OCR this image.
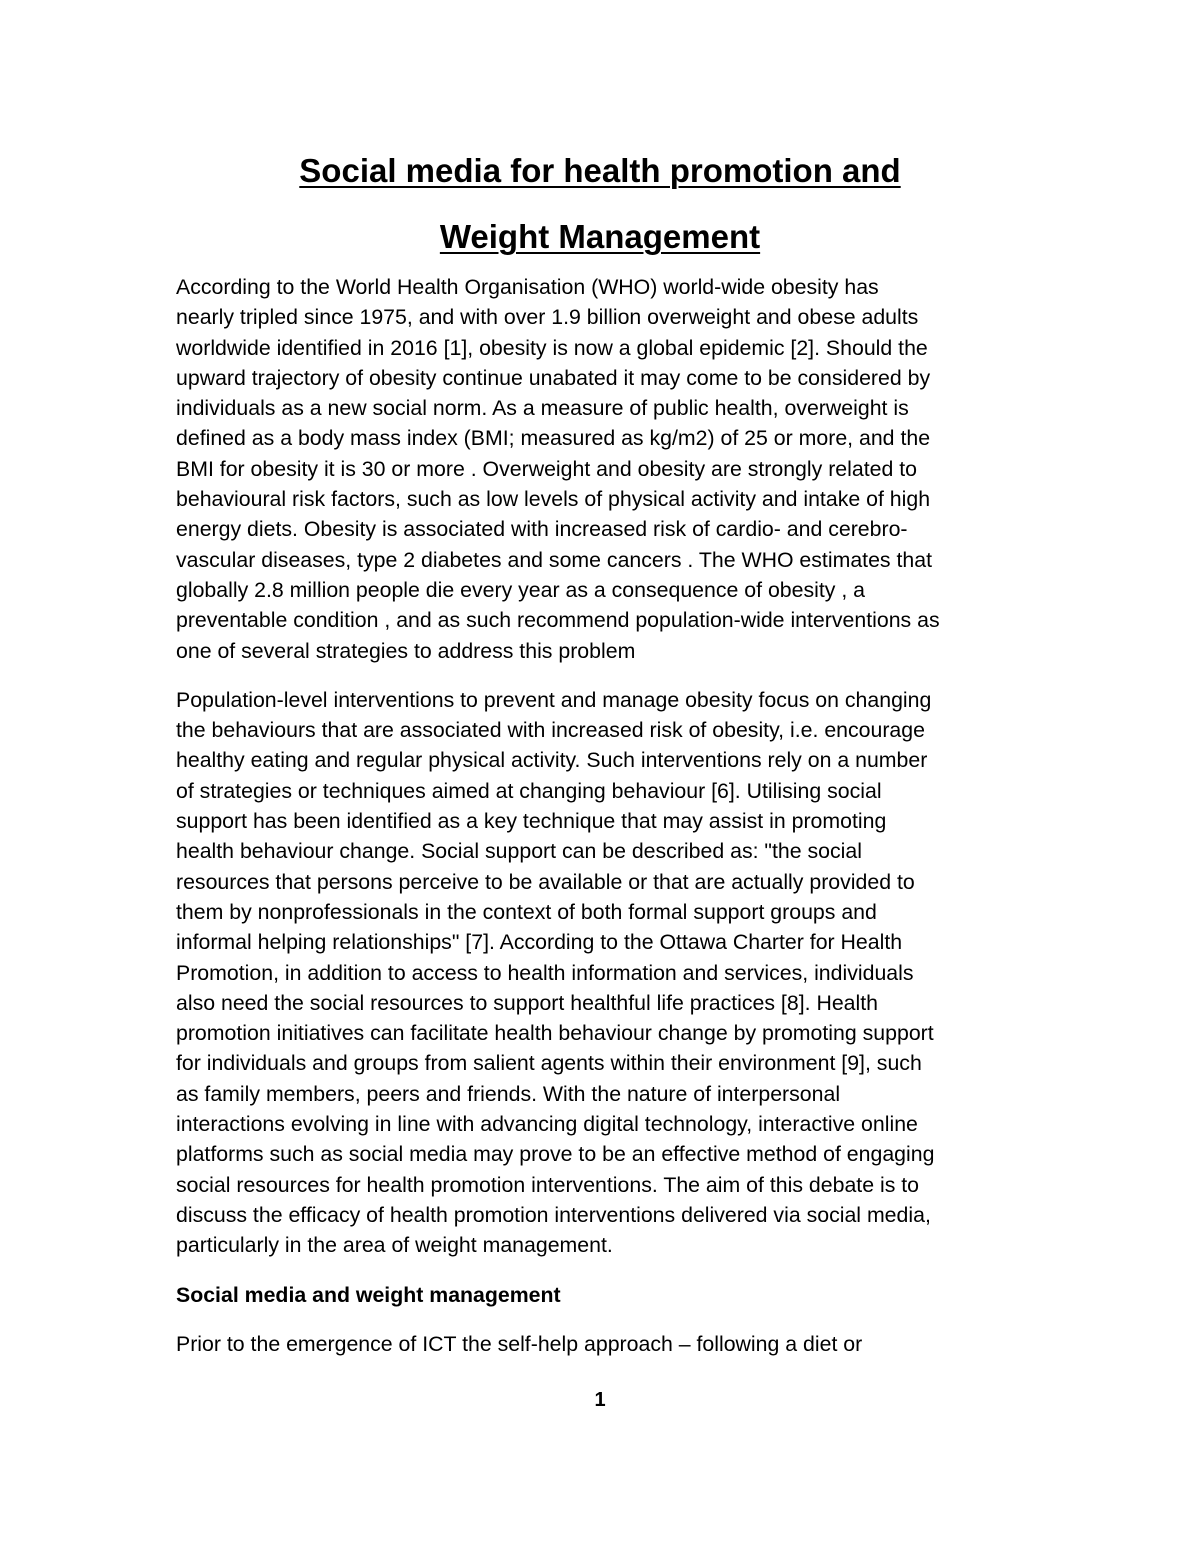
Social media for health promotion and
Weight Management
According to the World Health Organisation (WHO) world-wide obesity has
nearly tripled since 1975, and with over 1.9 billion overweight and obese adults
worldwide identified in 2016 [1], obesity is now a global epidemic [2]. Should the
upward trajectory of obesity continue unabated it may come to be considered by
individuals as a new social norm. As a measure of public health, overweight is
defined as a body mass index (BMI; measured as kg/m2) of 25 or more, and the
BMI for obesity it is 30 or more . Overweight and obesity are strongly related to
behavioural risk factors, such as low levels of physical activity and intake of high
energy diets. Obesity is associated with increased risk of cardio- and cerebro-
vascular diseases, type 2 diabetes and some cancers . The WHO estimates that
globally 2.8 million people die every year as a consequence of obesity , a
preventable condition , and as such recommend population-wide interventions as
one of several strategies to address this problem
Population-level interventions to prevent and manage obesity focus on changing
the behaviours that are associated with increased risk of obesity, i.e. encourage
healthy eating and regular physical activity. Such interventions rely on a number
of strategies or techniques aimed at changing behaviour [6]. Utilising social
support has been identified as a key technique that may assist in promoting
health behaviour change. Social support can be described as: "the social
resources that persons perceive to be available or that are actually provided to
them by nonprofessionals in the context of both formal support groups and
informal helping relationships" [7]. According to the Ottawa Charter for Health
Promotion, in addition to access to health information and services, individuals
also need the social resources to support healthful life practices [8]. Health
promotion initiatives can facilitate health behaviour change by promoting support
for individuals and groups from salient agents within their environment [9], such
as family members, peers and friends. With the nature of interpersonal
interactions evolving in line with advancing digital technology, interactive online
platforms such as social media may prove to be an effective method of engaging
social resources for health promotion interventions. The aim of this debate is to
discuss the efficacy of health promotion interventions delivered via social media,
particularly in the area of weight management.
Social media and weight management
Prior to the emergence of ICT the self-help approach – following a diet or
1
